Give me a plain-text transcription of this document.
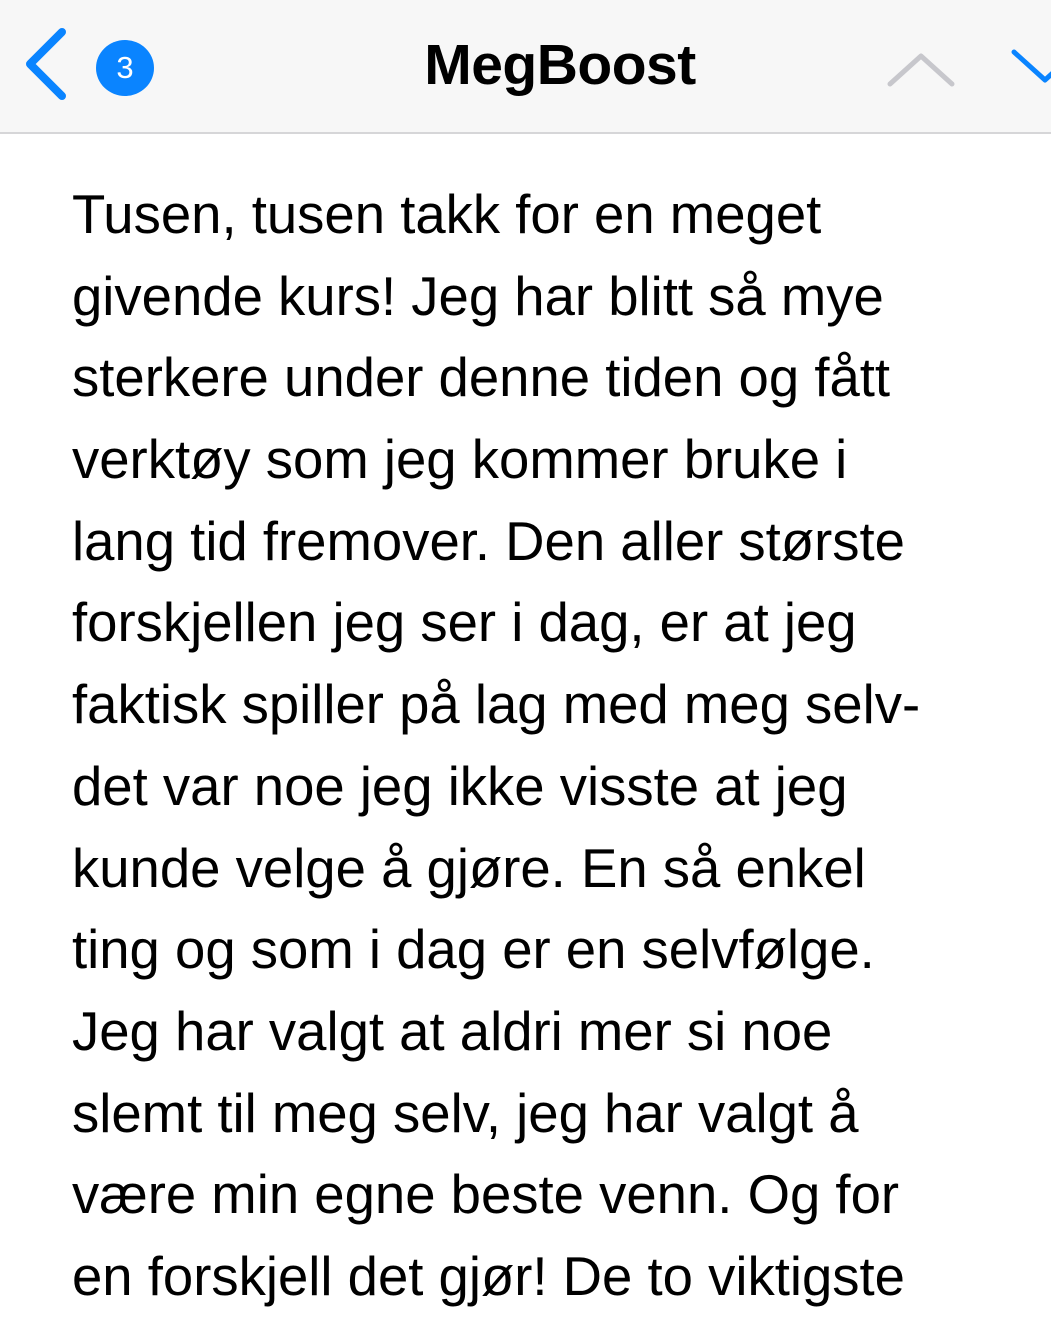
3	MegBoost
Tusen, tusen takk for en meget
givende kurs! Jeg har blitt så mye
sterkere under denne tiden og fått
verktøy som jeg kommer bruke i
lang tid fremover. Den aller største
forskjellen jeg ser i dag, er at jeg
faktisk spiller på lag med meg selv-
det var noe jeg ikke visste at jeg
kunde velge å gjøre. En så enkel
ting og som i dag er en selvfølge.
Jeg har valgt at aldri mer si noe
slemt til meg selv, jeg har valgt å
være min egne beste venn. Og for
en forskjell det gjør! De to viktigste
